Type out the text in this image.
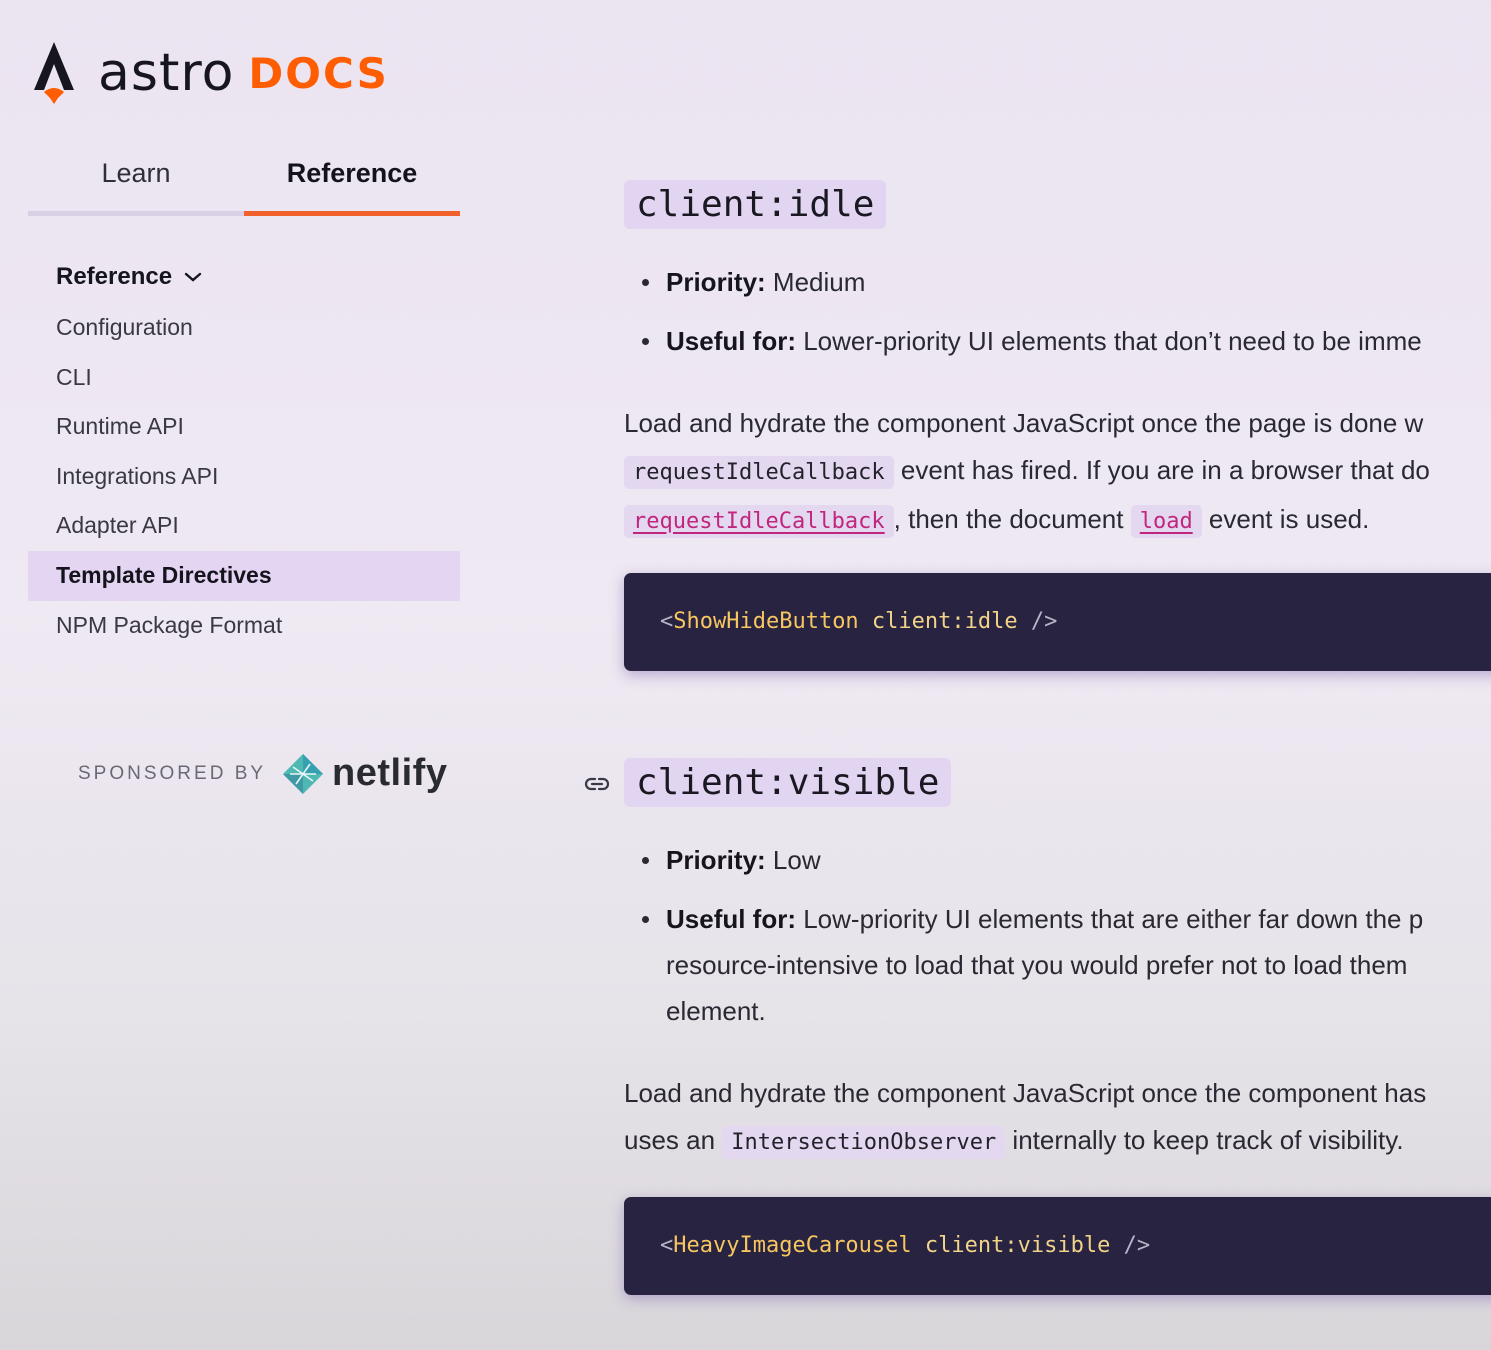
astro DOCS
Learn	Reference
Reference
Configuration
CLI
Runtime API
Integrations API
Adapter API
Template Directives
NPM Package Format
SPONSORED BY netlify
client:idle
Priority: Medium
Useful for: Lower-priority UI elements that don’t need to be imme
Load and hydrate the component JavaScript once the page is done w
requestIdleCallback event has fired. If you are in a browser that do
requestIdleCallback , then the document load event is used.
<ShowHideButton client:idle />
client:visible
Priority: Low
Useful for: Low-priority UI elements that are either far down the p
resource-intensive to load that you would prefer not to load them
element.
Load and hydrate the component JavaScript once the component has
uses an IntersectionObserver internally to keep track of visibility.
<HeavyImageCarousel client:visible />
